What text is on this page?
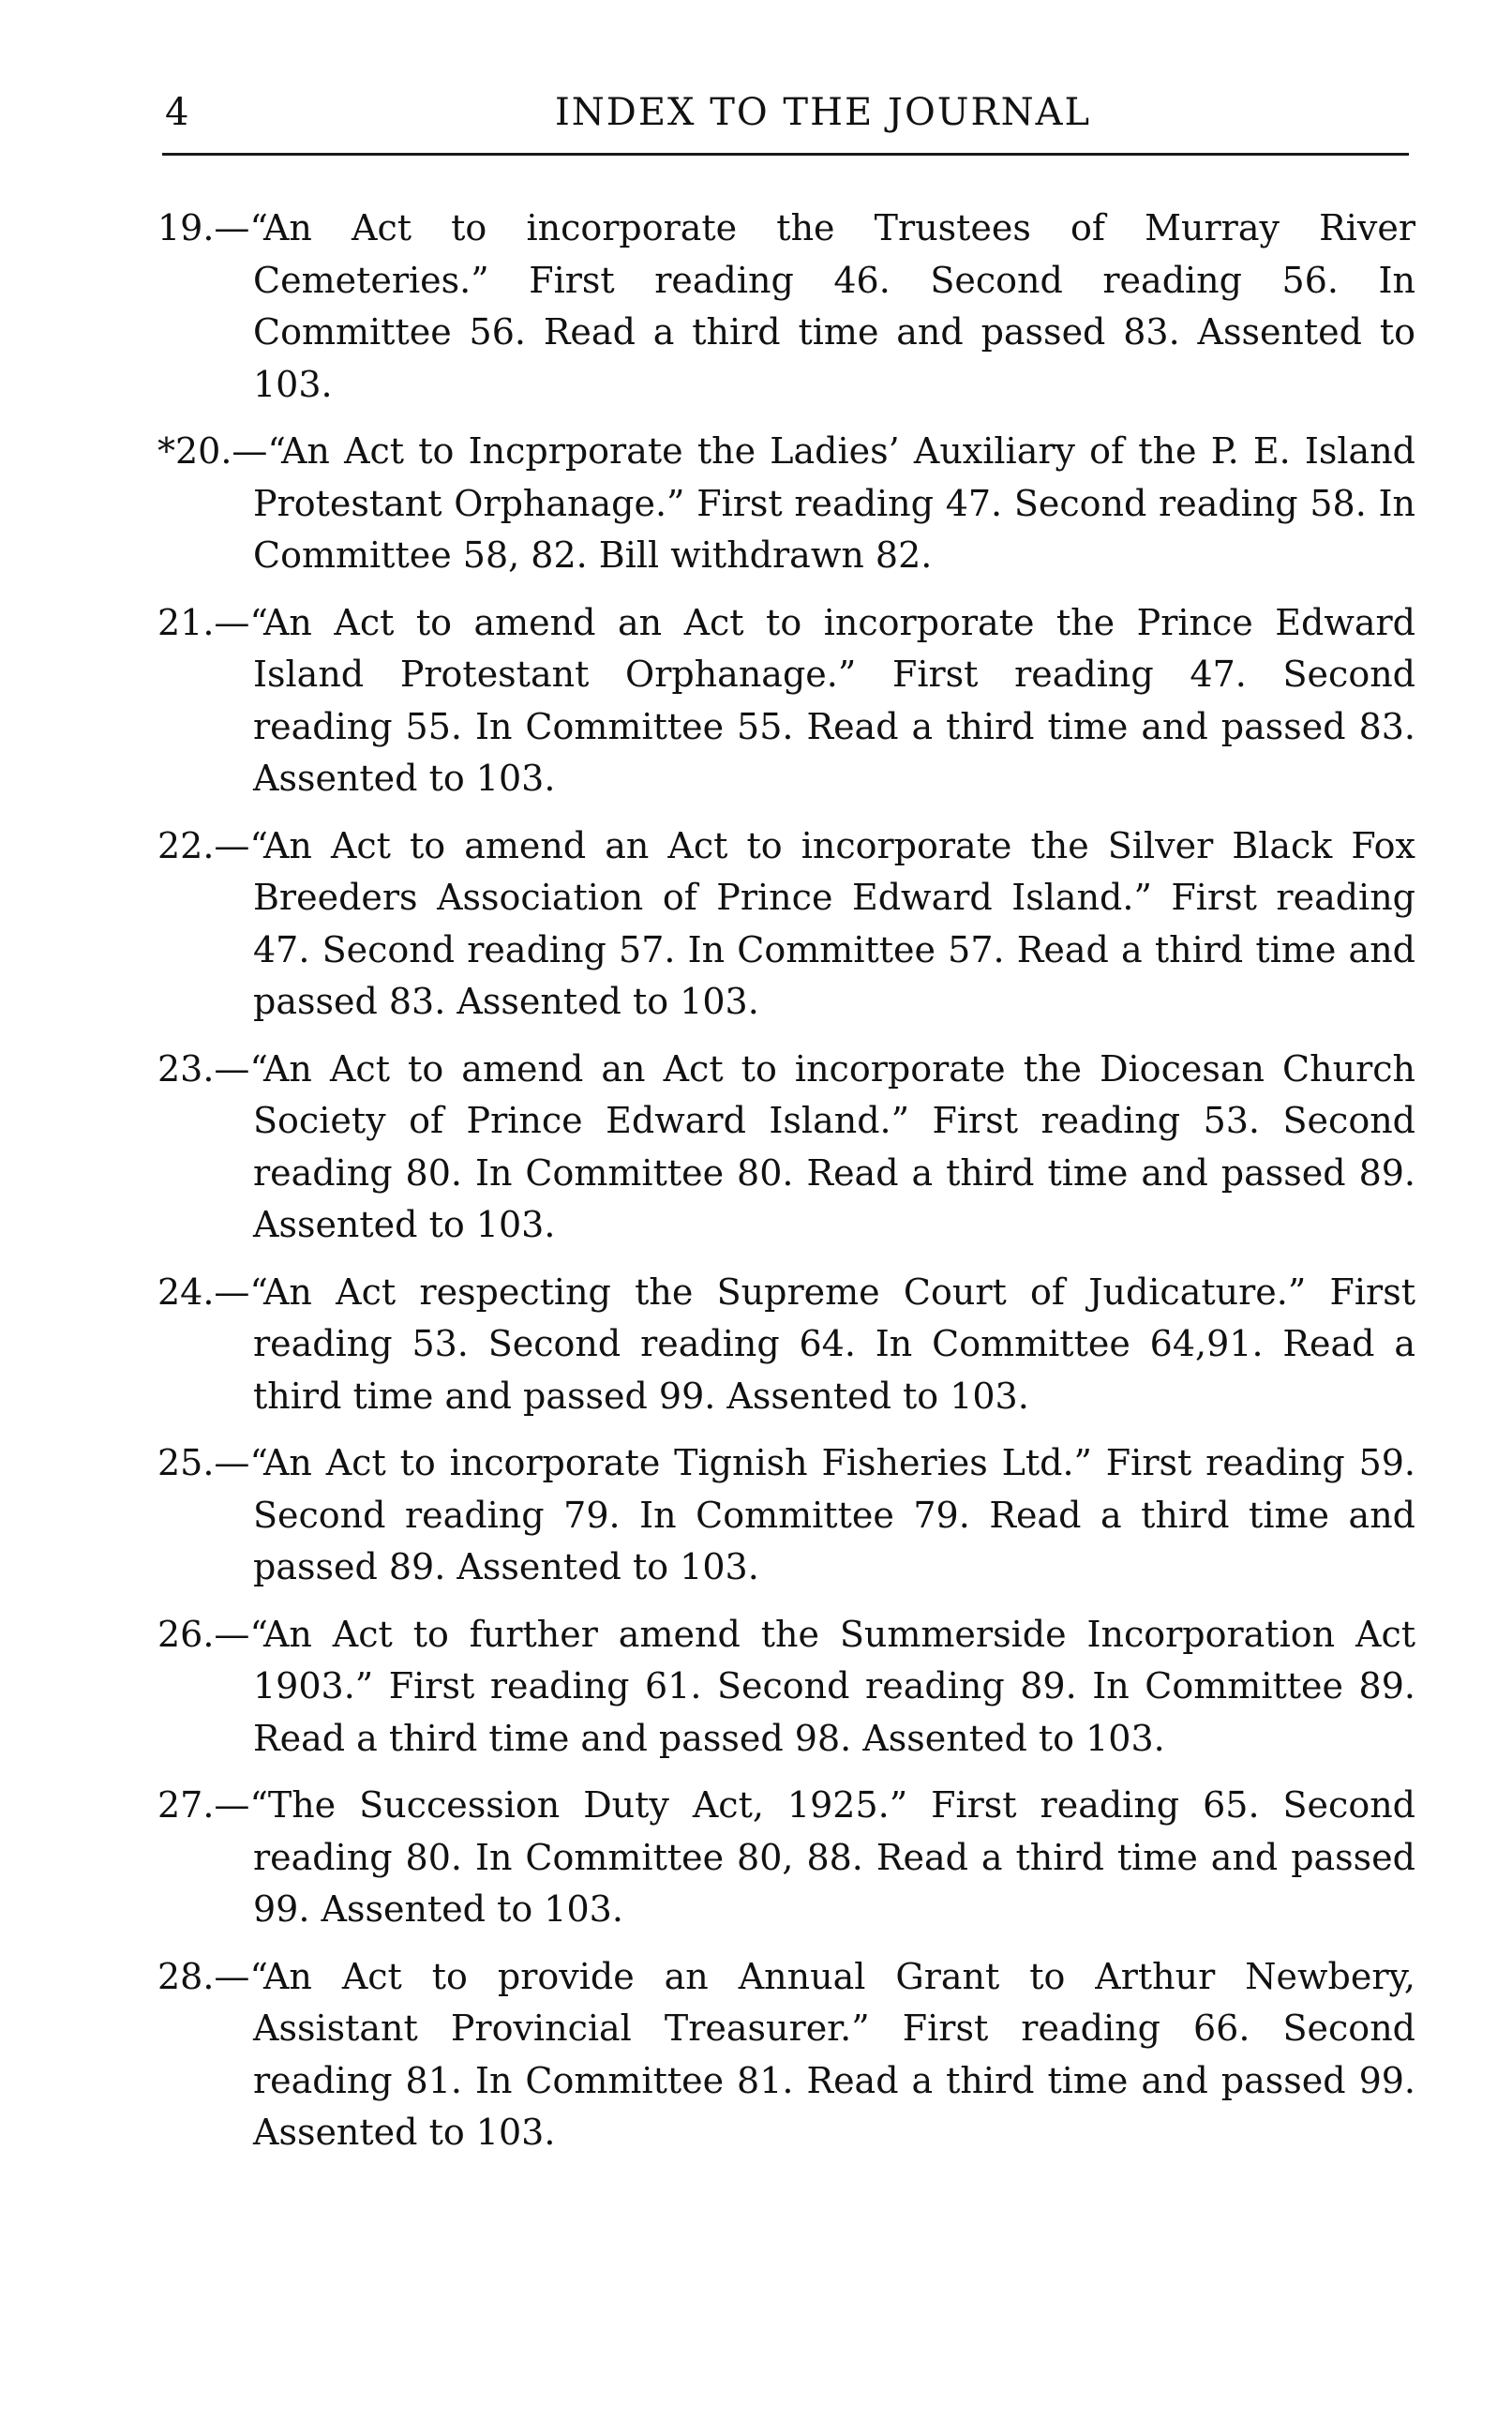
4	INDEX TO THE JOURNAL
19.—“An Act to incorporate the Trustees of Murray River Cemeteries.” First reading 46. Second reading 56. In Committee 56. Read a third time and passed 83. Assented to 103.
*20.—“An Act to Incprporate the Ladies’ Auxiliary of the P. E. Island Protestant Orphanage.” First reading 47. Second reading 58. In Committee 58, 82. Bill withdrawn 82.
21.—“An Act to amend an Act to incorporate the Prince Edward Island Protestant Orphanage.” First reading 47. Second reading 55. In Committee 55. Read a third time and passed 83. Assented to 103.
22.—“An Act to amend an Act to incorporate the Silver Black Fox Breeders Association of Prince Edward Island.” First reading 47. Second reading 57. In Committee 57. Read a third time and passed 83. Assented to 103.
23.—“An Act to amend an Act to incorporate the Diocesan Church Society of Prince Edward Island.” First reading 53. Second reading 80. In Committee 80. Read a third time and passed 89. Assented to 103.
24.—“An Act respecting the Supreme Court of Judicature.” First reading 53. Second reading 64. In Committee 64,91. Read a third time and passed 99. Assented to 103.
25.—“An Act to incorporate Tignish Fisheries Ltd.” First reading 59. Second reading 79. In Committee 79. Read a third time and passed 89. Assented to 103.
26.—“An Act to further amend the Summerside Incorporation Act 1903.” First reading 61. Second reading 89. In Committee 89. Read a third time and passed 98. Assented to 103.
27.—“The Succession Duty Act, 1925.” First reading 65. Second reading 80. In Committee 80, 88. Read a third time and passed 99. Assented to 103.
28.—“An Act to provide an Annual Grant to Arthur Newbery, Assistant Provincial Treasurer.” First reading 66. Second reading 81. In Committee 81. Read a third time and passed 99. Assented to 103.
